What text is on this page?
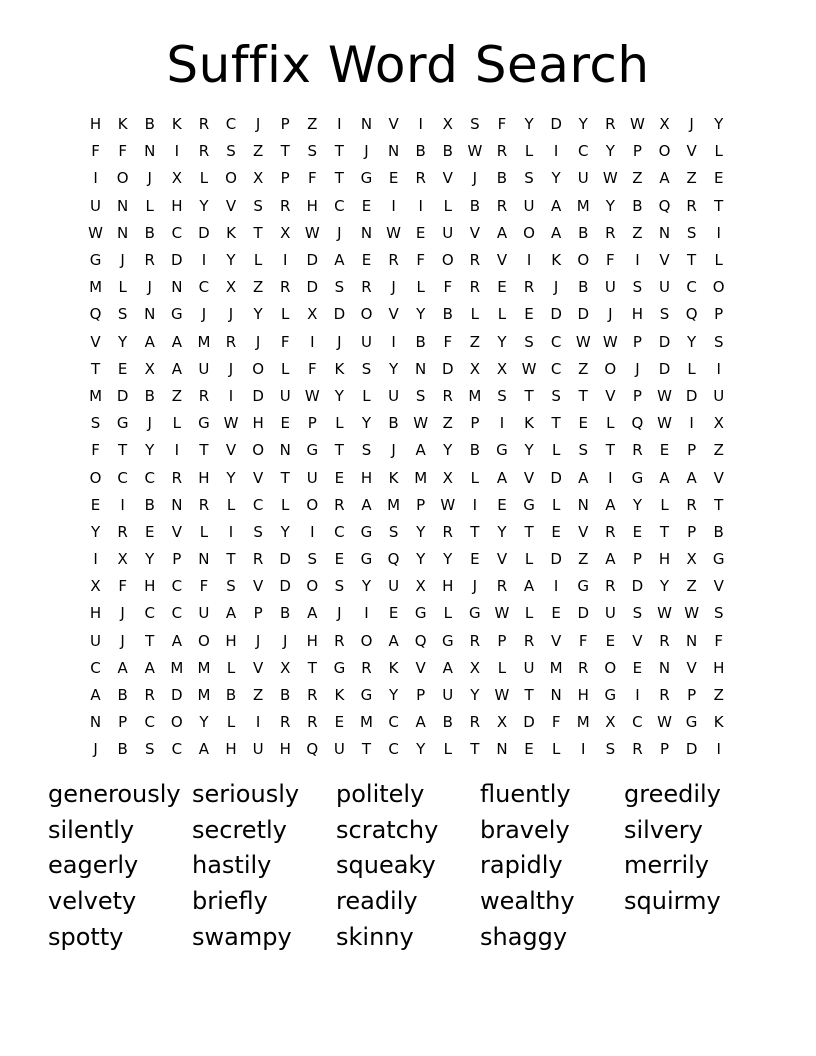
Suffix Word Search
H	K	B	K	R	C	J	P	Z	I	N	V	I	X	S	F	Y	D	Y	R W X	J	Y
F	F	N	I	R	S	Z	T	S	T	J	N	B	B W R	L	I	C	Y	P	O	V	L
I	O	J	X	L	O	X	P	F	T	G	E	R	V	J	B	S	Y	U W Z	A	Z	E
U	N	L	H	Y	V	S	R	H	C	E	I	I	L	B	R	U	A	M	Y	B	Q	R	T
W N	B	C	D	K	T	X W	J	N W E	U	V	A	O	A	B	R	Z	N	S	I
G	J	R	D	I	Y	L	I	D	A	E	R	F	O	R	V	I	K	O	F	I	V	T	L
M	L	J	N	C	X	Z	R	D	S	R	J	L	F	R	E	R	J	B	U	S	U	C	O
Q	S	N	G	J	J	Y	L	X	D	O	V	Y	B	L	L	E	D	D	J	H	S	Q	P
V	Y	A	A	M	R	J	F	I	J	U	I	B	F	Z	Y	S	C W W	P	D	Y	S
T	E	X	A	U	J	O	L	F	K	S	Y	N	D	X	X W C	Z	O	J	D	L	I
M D	B	Z	R	I	D	U W	Y	L	U	S	R	M	S	T	S	T	V	P	W D	U
S	G	J	L	G W H	E	P	L	Y	B W Z	P	I	K	T	E	L	Q W	I	X
F	T	Y	I	T	V	O	N	G	T	S	J	A	Y	B	G	Y	L	S	T	R	E	P	Z
O	C	C	R	H	Y	V	T	U	E	H	K	M	X	L	A	V	D	A	I	G	A	A	V
E	I	B	N	R	L	C	L	O	R	A	M	P	W	I	E	G	L	N	A	Y	L	R	T
Y	R	E	V	L	I	S	Y	I	C	G	S	Y	R	T	Y	T	E	V	R	E	T	P	B
I	X	Y	P	N	T	R	D	S	E	G	Q	Y	Y	E	V	L	D	Z	A	P	H	X	G
X	F	H	C	F	S	V	D	O	S	Y	U	X	H	J	R	A	I	G	R	D	Y	Z	V
H	J	C	C	U	A	P	B	A	J	I	E	G	L	G W	L	E	D	U	S W W S
U	J	T	A	O	H	J	J	H	R	O	A	Q	G	R	P	R	V	F	E	V	R	N	F
C	A	A	M M	L	V	X	T	G	R	K	V	A	X	L	U	M	R	O	E	N	V	H
A	B	R	D M	B	Z	B	R	K	G	Y	P	U	Y	W	T	N	H	G	I	R	P	Z
N	P	C	O	Y	L	I	R	R	E	M	C	A	B	R	X	D	F	M	X	C W G	K
J	B	S	C	A	H	U	H	Q	U	T	C	Y	L	T	N	E	L	I	S	R	P	D	I
generously seriously	politely	fluently	greedily
silently	secretly	scratchy	bravely	silvery
eagerly	hastily	squeaky	rapidly	merrily
velvety	briefly	readily	wealthy	squirmy
spotty	swampy	skinny	shaggy
